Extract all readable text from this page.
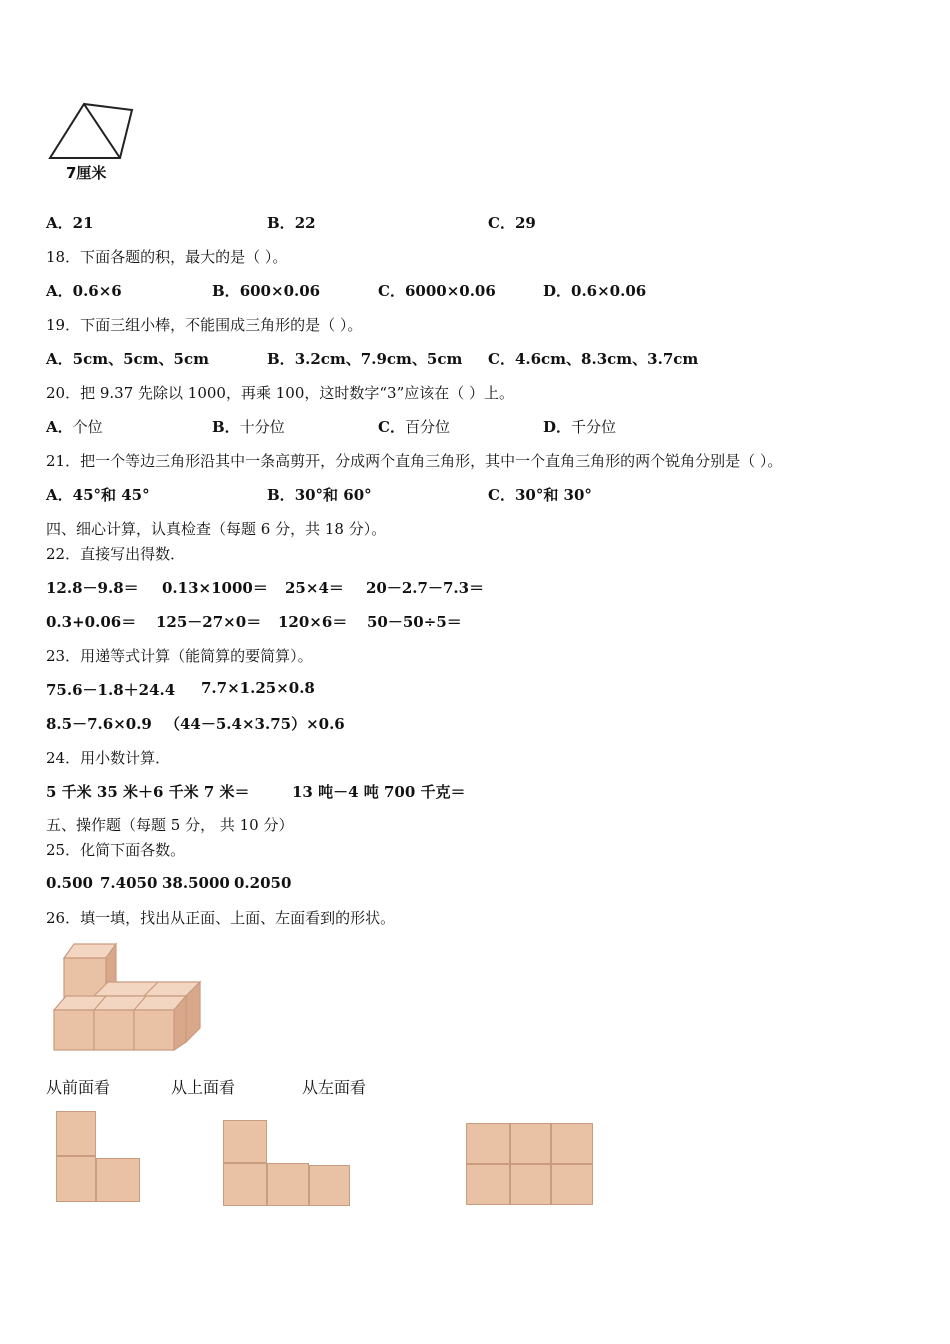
7厘米
A．21	B．22	C．29
18．下面各题的积，最大的是（ ）。
A．0.6×6	B．600×0.06	C．6000×0.06	D．0.6×0.06
19．下面三组小棒，不能围成三角形的是（ ）。
A．5cm、5cm、5cm	B．3.2cm、7.9cm、5cm C．4.6cm、8.3cm、3.7cm
20．把 9.37 先除以 1000，再乘 100，这时数字“3”应该在（ ）上。
A．个位	B．十分位	C．百分位	D．千分位
21．把一个等边三角形沿其中一条高剪开，分成两个直角三角形，其中一个直角三角形的两个锐角分别是（ ）。
A．45°和 45°	B．30°和 60°	C．30°和 30°
四、细心计算，认真检查（每题 6 分，共 18 分）。
22．直接写出得数．
12.8－9.8＝ 0.13×1000＝ 25×4＝ 20－2.7－7.3＝
0.3+0.06＝ 125－27×0＝ 120×6＝ 50－50÷5＝
23．用递等式计算（能简算的要简算）。
75.6－1.8＋24.4 7.7×1.25×0.8
8.5－7.6×0.9 （44－5.4×3.75）×0.6
24．用小数计算．
5 千米 35 米＋6 千米 7 米＝	13 吨－4 吨 700 千克＝
五、操作题（每题 5 分， 共 10 分）
25．化简下面各数。
0.500 7.4050 38.5000 0.2050
26．填一填，找出从正面、上面、左面看到的形状。
从前面看	从上面看	从左面看
